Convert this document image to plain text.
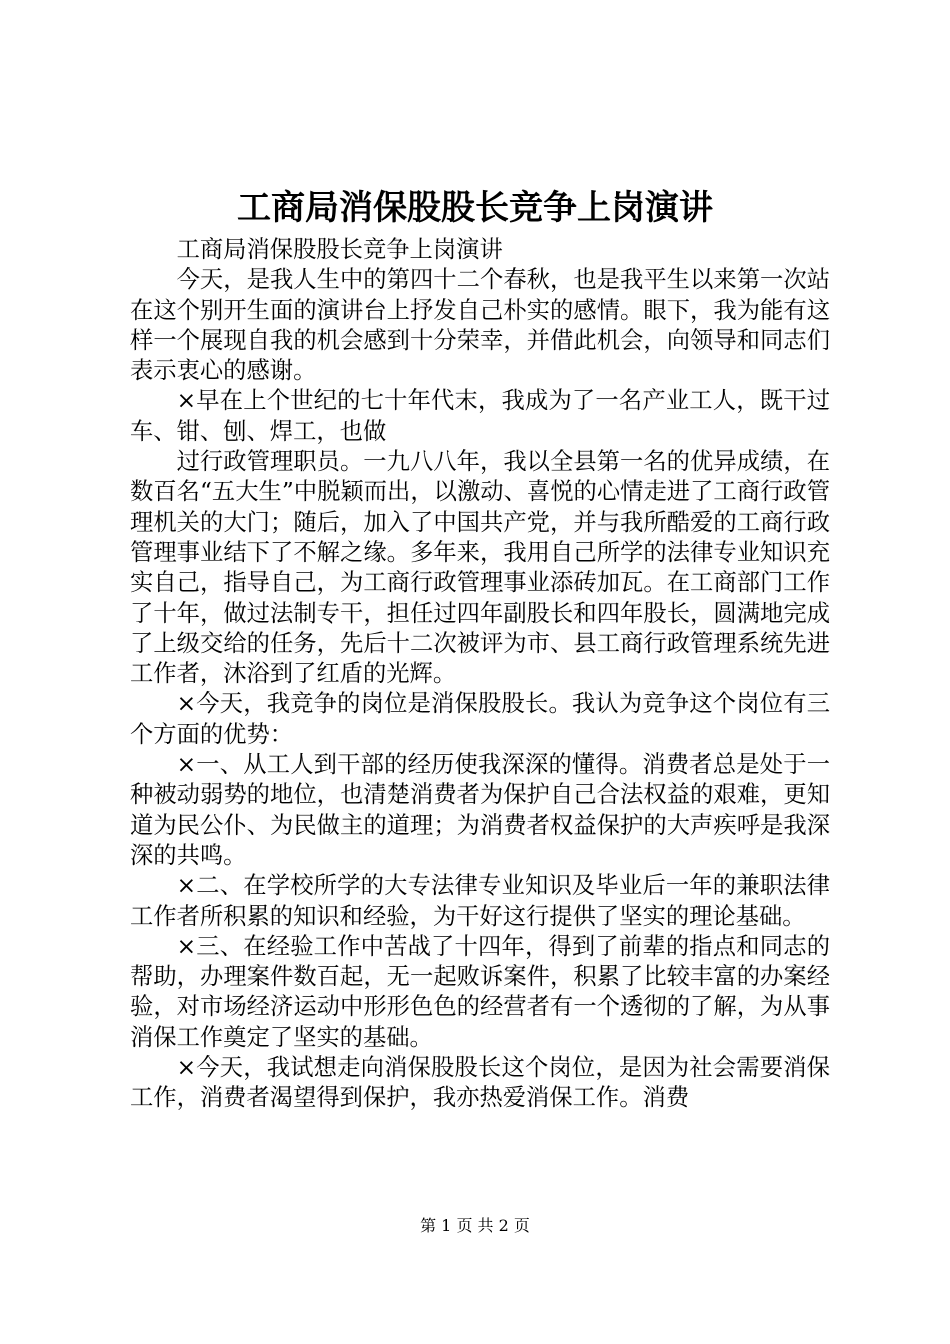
工商局消保股股长竞争上岗演讲

工商局消保股股长竞争上岗演讲

今天，是我人生中的第四十二个春秋，也是我平生以来第一次站在这个别开生面的演讲台上抒发自己朴实的感情。眼下，我为能有这样一个展现自我的机会感到十分荣幸，并借此机会，向领导和同志们表示衷心的感谢。

×早在上个世纪的七十年代末，我成为了一名产业工人，既干过车、钳、刨、焊工，也做

过行政管理职员。一九八八年，我以全县第一名的优异成绩，在数百名“五大生”中脱颖而出，以激动、喜悦的心情走进了工商行政管理机关的大门；随后，加入了中国共产党，并与我所酷爱的工商行政管理事业结下了不解之缘。多年来，我用自己所学的法律专业知识充实自己，指导自己，为工商行政管理事业添砖加瓦。在工商部门工作了十年，做过法制专干，担任过四年副股长和四年股长，圆满地完成了上级交给的任务，先后十二次被评为市、县工商行政管理系统先进工作者，沐浴到了红盾的光辉。

×今天，我竞争的岗位是消保股股长。我认为竞争这个岗位有三个方面的优势：

×一、从工人到干部的经历使我深深的懂得。消费者总是处于一种被动弱势的地位，也清楚消费者为保护自己合法权益的艰难，更知道为民公仆、为民做主的道理；为消费者权益保护的大声疾呼是我深深的共鸣。

×二、在学校所学的大专法律专业知识及毕业后一年的兼职法律工作者所积累的知识和经验，为干好这行提供了坚实的理论基础。

×三、在经验工作中苦战了十四年，得到了前辈的指点和同志的帮助，办理案件数百起，无一起败诉案件，积累了比较丰富的办案经验，对市场经济运动中形形色色的经营者有一个透彻的了解，为从事消保工作奠定了坚实的基础。

×今天，我试想走向消保股股长这个岗位，是因为社会需要消保工作，消费者渴望得到保护，我亦热爱消保工作。消费

第 1 页 共 2 页
